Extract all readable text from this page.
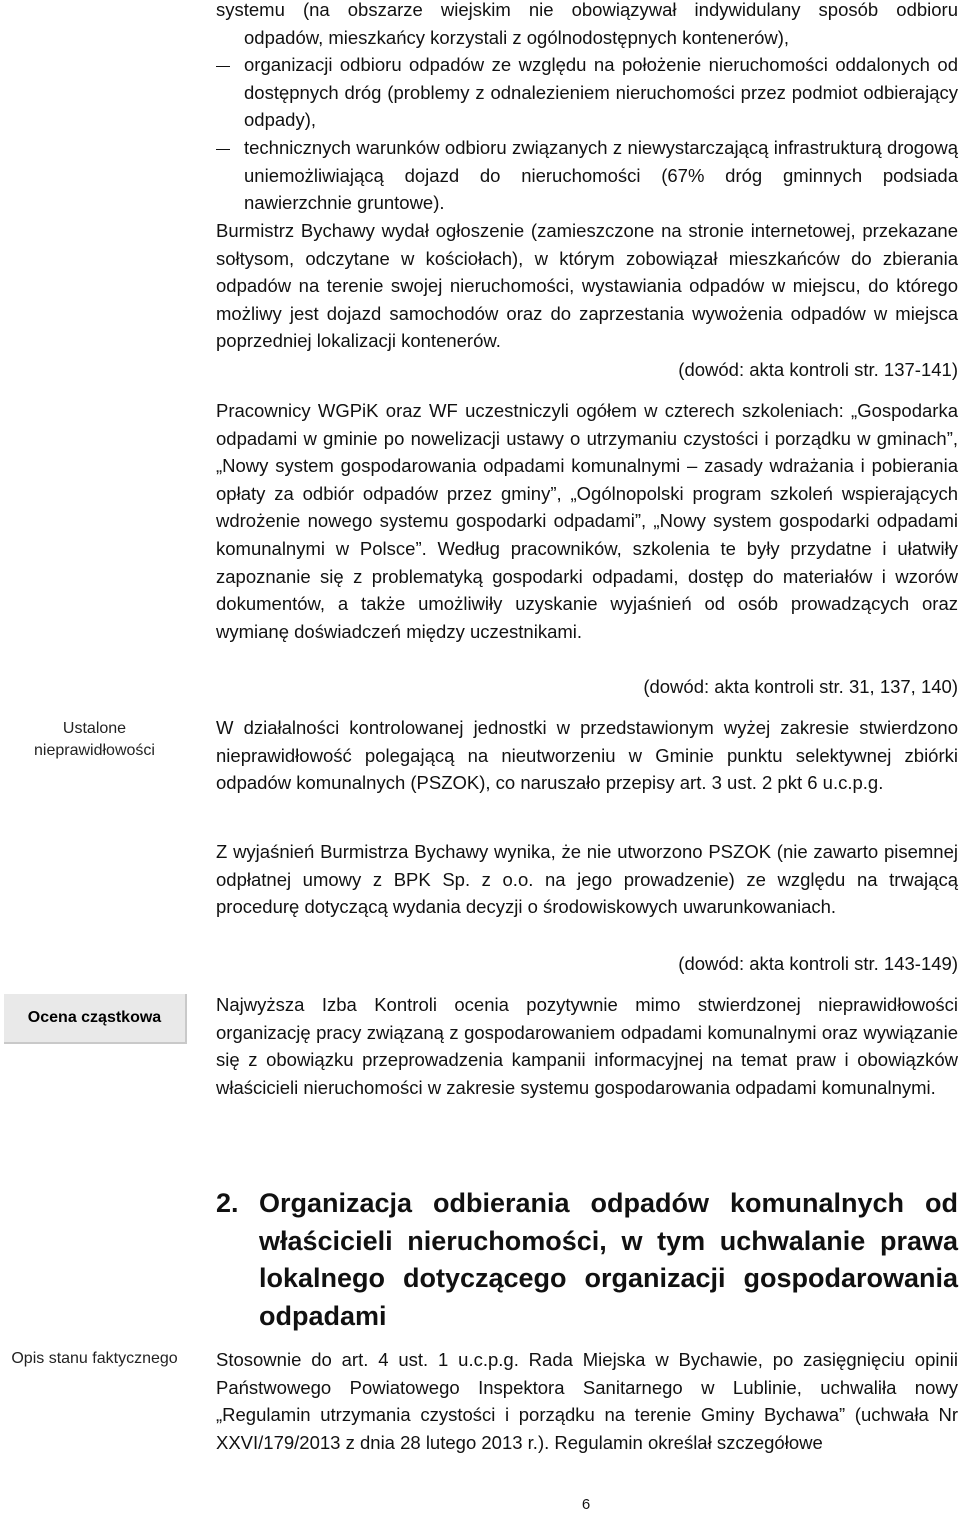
Ustalone nieprawidłowości
Ocena cząstkowa
Opis stanu faktycznego

systemu (na obszarze wiejskim nie obowiązywał indywidulany sposób odbioru

odpadów, mieszkańcy korzystali z ogólnodostępnych kontenerów),

organizacji odbioru odpadów ze względu na położenie nieruchomości oddalonych od dostępnych dróg (problemy z odnalezieniem nieruchomości przez podmiot odbierający odpady),

technicznych warunków odbioru związanych z niewystarczającą infrastrukturą drogową uniemożliwiającą dojazd do nieruchomości (67% dróg gminnych podsiada nawierzchnie gruntowe).

Burmistrz Bychawy wydał ogłoszenie (zamieszczone na stronie internetowej, przekazane sołtysom, odczytane w kościołach), w którym zobowiązał mieszkańców do zbierania odpadów na terenie swojej nieruchomości, wystawiania odpadów w miejscu, do którego możliwy jest dojazd samochodów oraz do zaprzestania wywożenia odpadów w miejsca poprzedniej lokalizacji kontenerów.

(dowód: akta kontroli str. 137-141)

Pracownicy WGPiK oraz WF uczestniczyli ogółem w czterech szkoleniach: „Gospodarka odpadami w gminie po nowelizacji ustawy o utrzymaniu czystości i porządku w gminach”, „Nowy system gospodarowania odpadami komunalnymi – zasady wdrażania i pobierania opłaty za odbiór odpadów przez gminy”, „Ogólnopolski program szkoleń wspierających wdrożenie nowego systemu gospodarki odpadami”, „Nowy system gospodarki odpadami komunalnymi w Polsce”. Według pracowników, szkolenia te były przydatne i ułatwiły zapoznanie się z problematyką gospodarki odpadami, dostęp do materiałów i wzorów dokumentów, a także umożliwiły uzyskanie wyjaśnień od osób prowadzących oraz wymianę doświadczeń między uczestnikami.

(dowód: akta kontroli str. 31, 137, 140)

W działalności kontrolowanej jednostki w przedstawionym wyżej zakresie stwierdzono nieprawidłowość polegającą na nieutworzeniu w Gminie punktu selektywnej zbiórki odpadów komunalnych (PSZOK), co naruszało przepisy art. 3 ust. 2 pkt 6 u.c.p.g.

Z wyjaśnień Burmistrza Bychawy wynika, że nie utworzono PSZOK (nie zawarto pisemnej odpłatnej umowy z BPK Sp. z o.o. na jego prowadzenie) ze względu na trwającą procedurę dotyczącą wydania decyzji o środowiskowych uwarunkowaniach.

(dowód: akta kontroli str. 143-149)

Najwyższa Izba Kontroli ocenia pozytywnie mimo stwierdzonej nieprawidłowości organizację pracy związaną z gospodarowaniem odpadami komunalnymi oraz wywiązanie się z obowiązku przeprowadzenia kampanii informacyjnej na temat praw i obowiązków właścicieli nieruchomości w zakresie systemu gospodarowania odpadami komunalnymi.

2. Organizacja odbierania odpadów komunalnych od właścicieli nieruchomości, w tym uchwalanie prawa lokalnego dotyczącego organizacji gospodarowania odpadami

Stosownie do art. 4 ust. 1 u.c.p.g. Rada Miejska w Bychawie, po zasięgnięciu opinii Państwowego Powiatowego Inspektora Sanitarnego w Lublinie, uchwaliła nowy „Regulamin utrzymania czystości i porządku na terenie Gminy Bychawa” (uchwała Nr XXVI/179/2013 z dnia 28 lutego 2013 r.). Regulamin określał szczegółowe

6
